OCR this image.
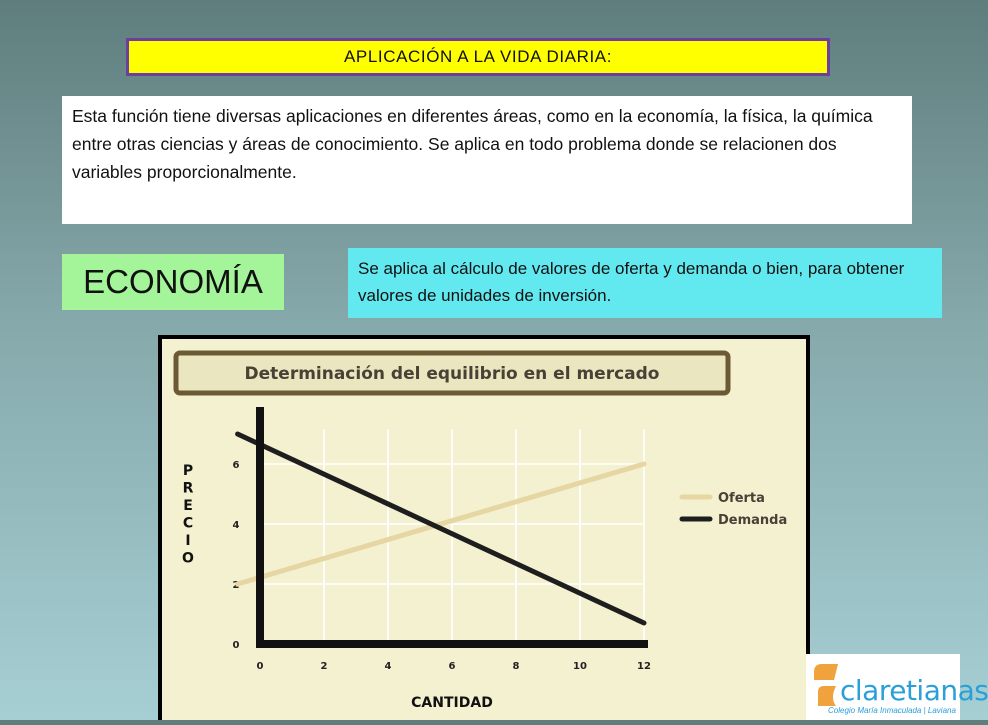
APLICACIÓN A LA VIDA DIARIA:
Esta función tiene diversas aplicaciones en diferentes áreas, como en la economía, la física, la química entre otras ciencias y áreas de conocimiento. Se aplica en todo problema donde se relacionen dos variables proporcionalmente.
ECONOMÍA	Se aplica al cálculo de valores de oferta y demanda o bien, para obtener valores de unidades de inversión.
Determinación del equilibrio en el mercado
CANTIDAD
P R E C I O
0	2	4	6	8	10	12
0
2
4
6
Oferta
Demanda
claretianas
Colegio María Inmaculada | Laviana
